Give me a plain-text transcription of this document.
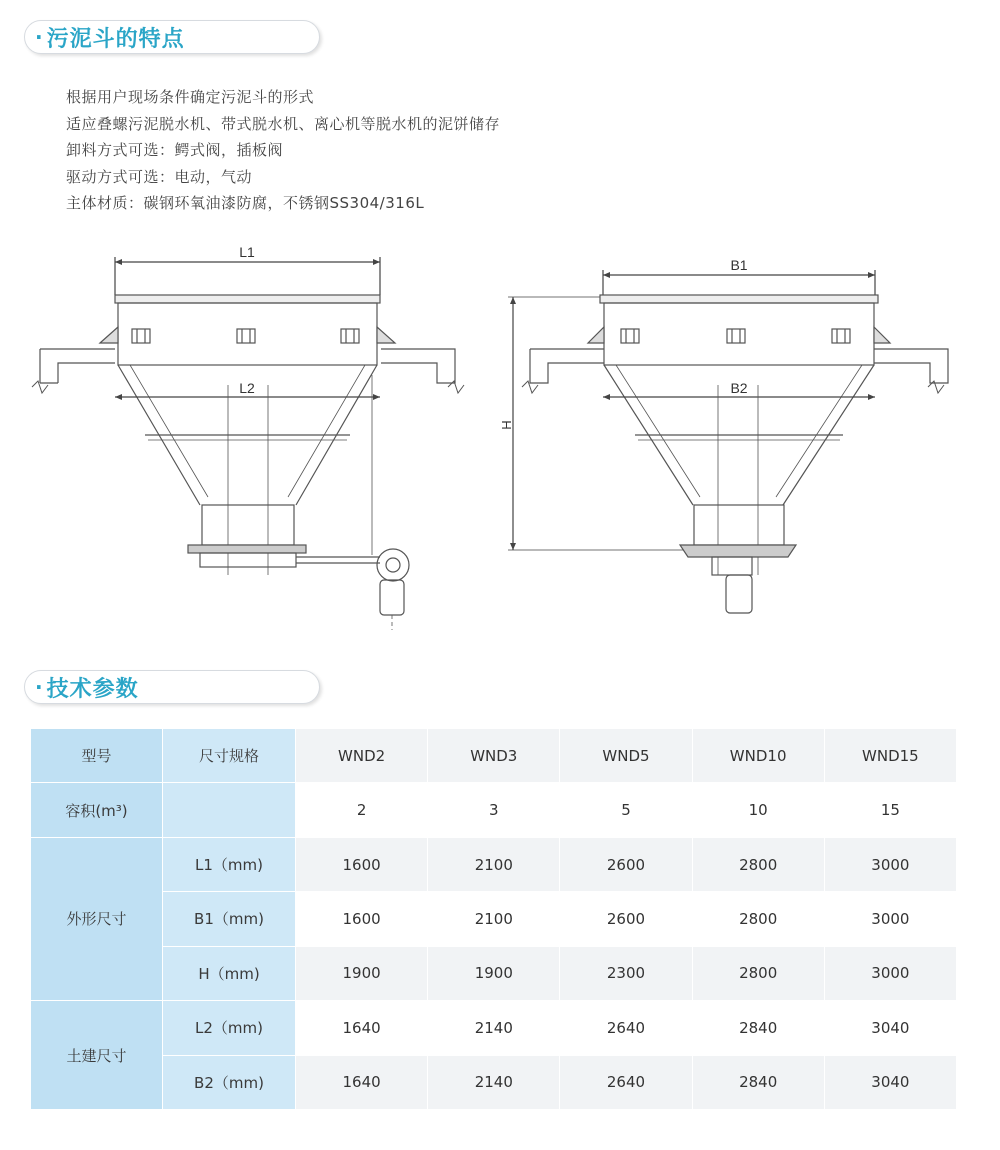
· 污泥斗的特点
根据用户现场条件确定污泥斗的形式
适应叠螺污泥脱水机、带式脱水机、离心机等脱水机的泥饼储存
卸料方式可选：鳄式阀，插板阀
驱动方式可选：电动，气动
主体材质：碳钢环氧油漆防腐，不锈钢SS304/316L
L1
L2
B1
B2
H
· 技术参数
型号	尺寸规格	WND2	WND3	WND5	WND10	WND15
容积(m³)		2	3	5	10	15
外形尺寸	L1（mm)	1600	2100	2600	2800	3000
	B1（mm)	1600	2100	2600	2800	3000
	H（mm)	1900	1900	2300	2800	3000
土建尺寸	L2（mm)	1640	2140	2640	2840	3040
	B2（mm)	1640	2140	2640	2840	3040
